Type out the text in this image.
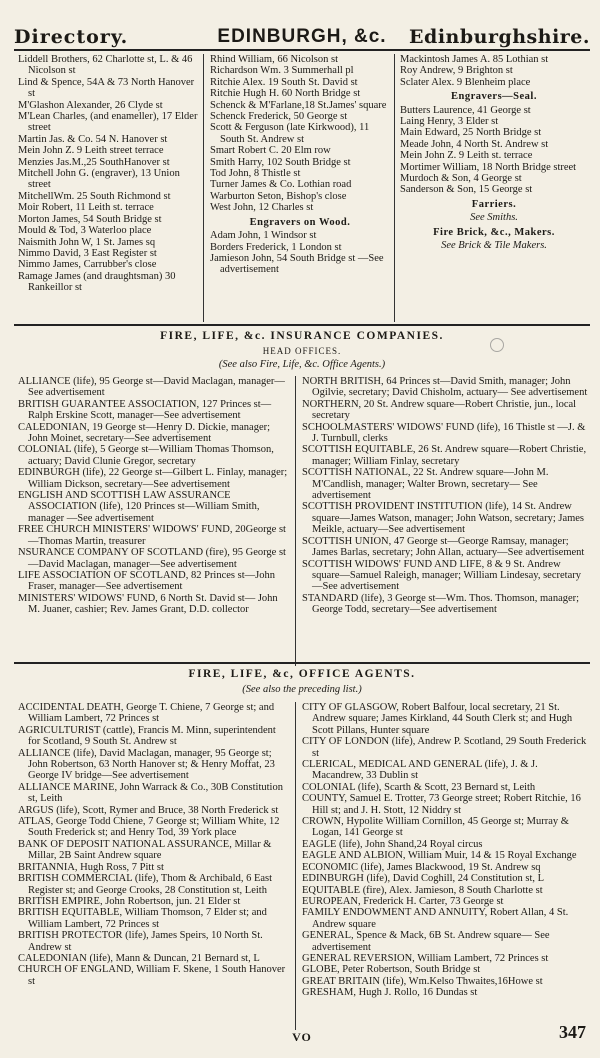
Directory.	EDINBURGH, &c.	Edinburghshire.

Liddell Brothers, 62 Charlotte st, L. & 46 Nicolson st

Lind & Spence, 54A & 73 North Hanover st

M'Glashon Alexander, 26 Clyde st

M'Lean Charles, (and enameller), 17 Elder street

Martin Jas. & Co. 54 N. Hanover st

Mein John Z. 9 Leith street terrace

Menzies Jas.M.,25 SouthHanover st

Mitchell John G. (engraver), 13 Union street

MitchellWm. 25 South Richmond st

Moir Robert, 11 Leith st. terrace

Morton James, 54 South Bridge st

Mould & Tod, 3 Waterloo place

Naismith John W, 1 St. James sq

Nimmo David, 3 East Register st

Nimmo James, Carrubber's close

Ramage James (and draughtsman) 30 Rankeillor st

Rhind William, 66 Nicolson st

Richardson Wm. 3 Summerhall pl

Ritchie Alex. 19 South St. David st

Ritchie Hugh H. 60 North Bridge st

Schenck & M'Farlane,18 St.James' square

Schenck Frederick, 50 George st

Scott & Ferguson (late Kirkwood), 11 South St. Andrew st

Smart Robert C. 20 Elm row

Smith Harry, 102 South Bridge st

Tod John, 8 Thistle st

Turner James & Co. Lothian road

Warburton Seton, Bishop's close

West John, 12 Charles st

Engravers on Wood.

Adam John, 1 Windsor st

Borders Frederick, 1 London st

Jamieson John, 54 South Bridge st —See advertisement

Mackintosh James A. 85 Lothian st

Roy Andrew, 9 Brighton st

Sclater Alex. 9 Blenheim place

Engravers—Seal.

Butters Laurence, 41 George st

Laing Henry, 3 Elder st

Main Edward, 25 North Bridge st

Meade John, 4 North St. Andrew st

Mein John Z. 9 Leith st. terrace

Mortimer William, 18 North Bridge street

Murdoch & Son, 4 George st

Sanderson & Son, 15 George st

Farriers.

See Smiths.

Fire Brick, &c., Makers.

See Brick & Tile Makers.

FIRE, LIFE, &c. INSURANCE COMPANIES.
HEAD OFFICES.
(See also Fire, Life, &c. Office Agents.)

ALLIANCE (life), 95 George st—David Maclagan, manager—See advertisement

BRITISH GUARANTEE ASSOCIATION, 127 Princes st— Ralph Erskine Scott, manager—See advertisement

CALEDONIAN, 19 George st—Henry D. Dickie, manager; John Moinet, secretary—See advertisement

COLONIAL (life), 5 George st—William Thomas Thomson, actuary; David Clunie Gregor, secretary

EDINBURGH (life), 22 George st—Gilbert L. Finlay, manager; William Dickson, secretary—See advertisement

ENGLISH AND SCOTTISH LAW ASSURANCE ASSOCIATION (life), 120 Princes st—William Smith, manager —See advertisement

FREE CHURCH MINISTERS' WIDOWS' FUND, 20George st—Thomas Martin, treasurer

NSURANCE COMPANY OF SCOTLAND (fire), 95 George st—David Maclagan, manager—See advertisement

LIFE ASSOCIATION OF SCOTLAND, 82 Princes st—John Fraser, manager—See advertisement

MINISTERS' WIDOWS' FUND, 6 North St. David st— John M. Juaner, cashier; Rev. James Grant, D.D. collector

NORTH BRITISH, 64 Princes st—David Smith, manager; John Ogilvie, secretary; David Chisholm, actuary— See advertisement

NORTHERN, 20 St. Andrew square—Robert Christie, jun., local secretary

SCHOOLMASTERS' WIDOWS' FUND (life), 16 Thistle st —J. & J. Turnbull, clerks

SCOTTISH EQUITABLE, 26 St. Andrew square—Robert Christie, manager; William Finlay, secretary

SCOTTISH NATIONAL, 22 St. Andrew square—John M. M'Candlish, manager; Walter Brown, secretary— See advertisement

SCOTTISH PROVIDENT INSTITUTION (life), 14 St. Andrew square—James Watson, manager; John Watson, secretary; James Meikle, actuary—See advertisement

SCOTTISH UNION, 47 George st—George Ramsay, manager; James Barlas, secretary; John Allan, actuary—See advertisement

SCOTTISH WIDOWS' FUND AND LIFE, 8 & 9 St. Andrew square—Samuel Raleigh, manager; William Lindesay, secretary—See advertisement

STANDARD (life), 3 George st—Wm. Thos. Thomson, manager; George Todd, secretary—See advertisement

FIRE, LIFE, &c, OFFICE AGENTS.
(See also the preceding list.)

ACCIDENTAL DEATH, George T. Chiene, 7 George st; and William Lambert, 72 Princes st

AGRICULTURIST (cattle), Francis M. Minn, superintendent for Scotland, 9 South St. Andrew st

ALLIANCE (life), David Maclagan, manager, 95 George st; John Robertson, 63 North Hanover st; & Henry Moffat, 23 George IV bridge—See advertisement

ALLIANCE MARINE, John Warrack & Co., 30B Constitution st, Leith

ARGUS (life), Scott, Rymer and Bruce, 38 North Frederick st

ATLAS, George Todd Chiene, 7 George st; William White, 12 South Frederick st; and Henry Tod, 39 York place

BANK OF DEPOSIT NATIONAL ASSURANCE, Millar & Millar, 2B Saint Andrew square

BRITANNIA, Hugh Ross, 7 Pitt st

BRITISH COMMERCIAL (life), Thom & Archibald, 6 East Register st; and George Crooks, 28 Constitution st, Leith

BRITISH EMPIRE, John Robertson, jun. 21 Elder st

BRITISH EQUITABLE, William Thomson, 7 Elder st; and William Lambert, 72 Princes st

BRITISH PROTECTOR (life), James Speirs, 10 North St. Andrew st

CALEDONIAN (life), Mann & Duncan, 21 Bernard st, L

CHURCH OF ENGLAND, William F. Skene, 1 South Hanover st

CITY OF GLASGOW, Robert Balfour, local secretary, 21 St. Andrew square; James Kirkland, 44 South Clerk st; and Hugh Scott Pillans, Hunter square

CITY OF LONDON (life), Andrew P. Scotland, 29 South Frederick st

CLERICAL, MEDICAL AND GENERAL (life), J. & J. Macandrew, 33 Dublin st

COLONIAL (life), Scarth & Scott, 23 Bernard st, Leith

COUNTY, Samuel E. Trotter, 73 George street; Robert Ritchie, 16 Hill st; and J. H. Stott, 12 Niddry st

CROWN, Hypolite William Cornillon, 45 George st; Murray & Logan, 141 George st

EAGLE (life), John Shand,24 Royal circus

EAGLE AND ALBION, William Muir, 14 & 15 Royal Exchange

ECONOMIC (life), James Blackwood, 19 St. Andrew sq

EDINBURGH (life), David Coghill, 24 Constitution st, L

EQUITABLE (fire), Alex. Jamieson, 8 South Charlotte st

EUROPEAN, Frederick H. Carter, 73 George st

FAMILY ENDOWMENT AND ANNUITY, Robert Allan, 4 St. Andrew square

GENERAL, Spence & Mack, 6B St. Andrew square— See advertisement

GENERAL REVERSION, William Lambert, 72 Princes st

GLOBE, Peter Robertson, South Bridge st

GREAT BRITAIN (life), Wm.Kelso Thwaites,16Howe st

GRESHAM, Hugh J. Rollo, 16 Dundas st

VO	347
